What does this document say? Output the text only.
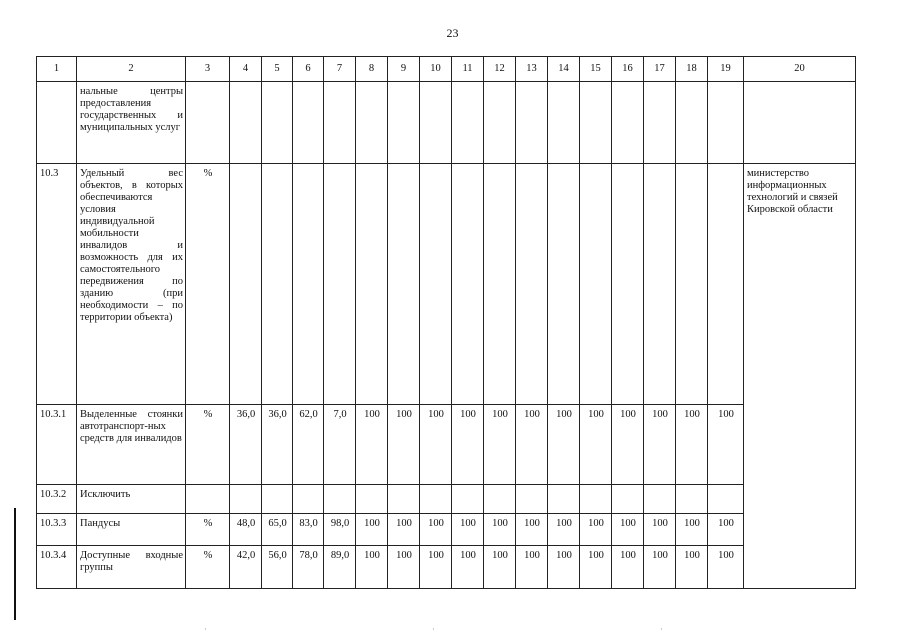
23
1	2	3	4	5	6	7	8	9	10	11	12	13	14	15	16	17	18	19	20
	нальные центры предоставления государственных и муниципальных услуг																		
10.3	Удельный вес объектов, в которых обеспечиваются условия индивидуальной мобильности инвалидов и возможность для их самостоятельного передвижения по зданию (при необходимости – по территории объекта)	%																	министерство информационных технологий и связей Кировской области
10.3.1	Выделенные стоянки автотранспорт-ных средств для инвалидов	%	36,0	36,0	62,0	7,0	100	100	100	100	100	100	100	100	100	100	100	100	
10.3.2	Исключить																		
10.3.3	Пандусы	%	48,0	65,0	83,0	98,0	100	100	100	100	100	100	100	100	100	100	100	100	
10.3.4	Доступные входные группы	%	42,0	56,0	78,0	89,0	100	100	100	100	100	100	100	100	100	100	100	100	
·	·	·
